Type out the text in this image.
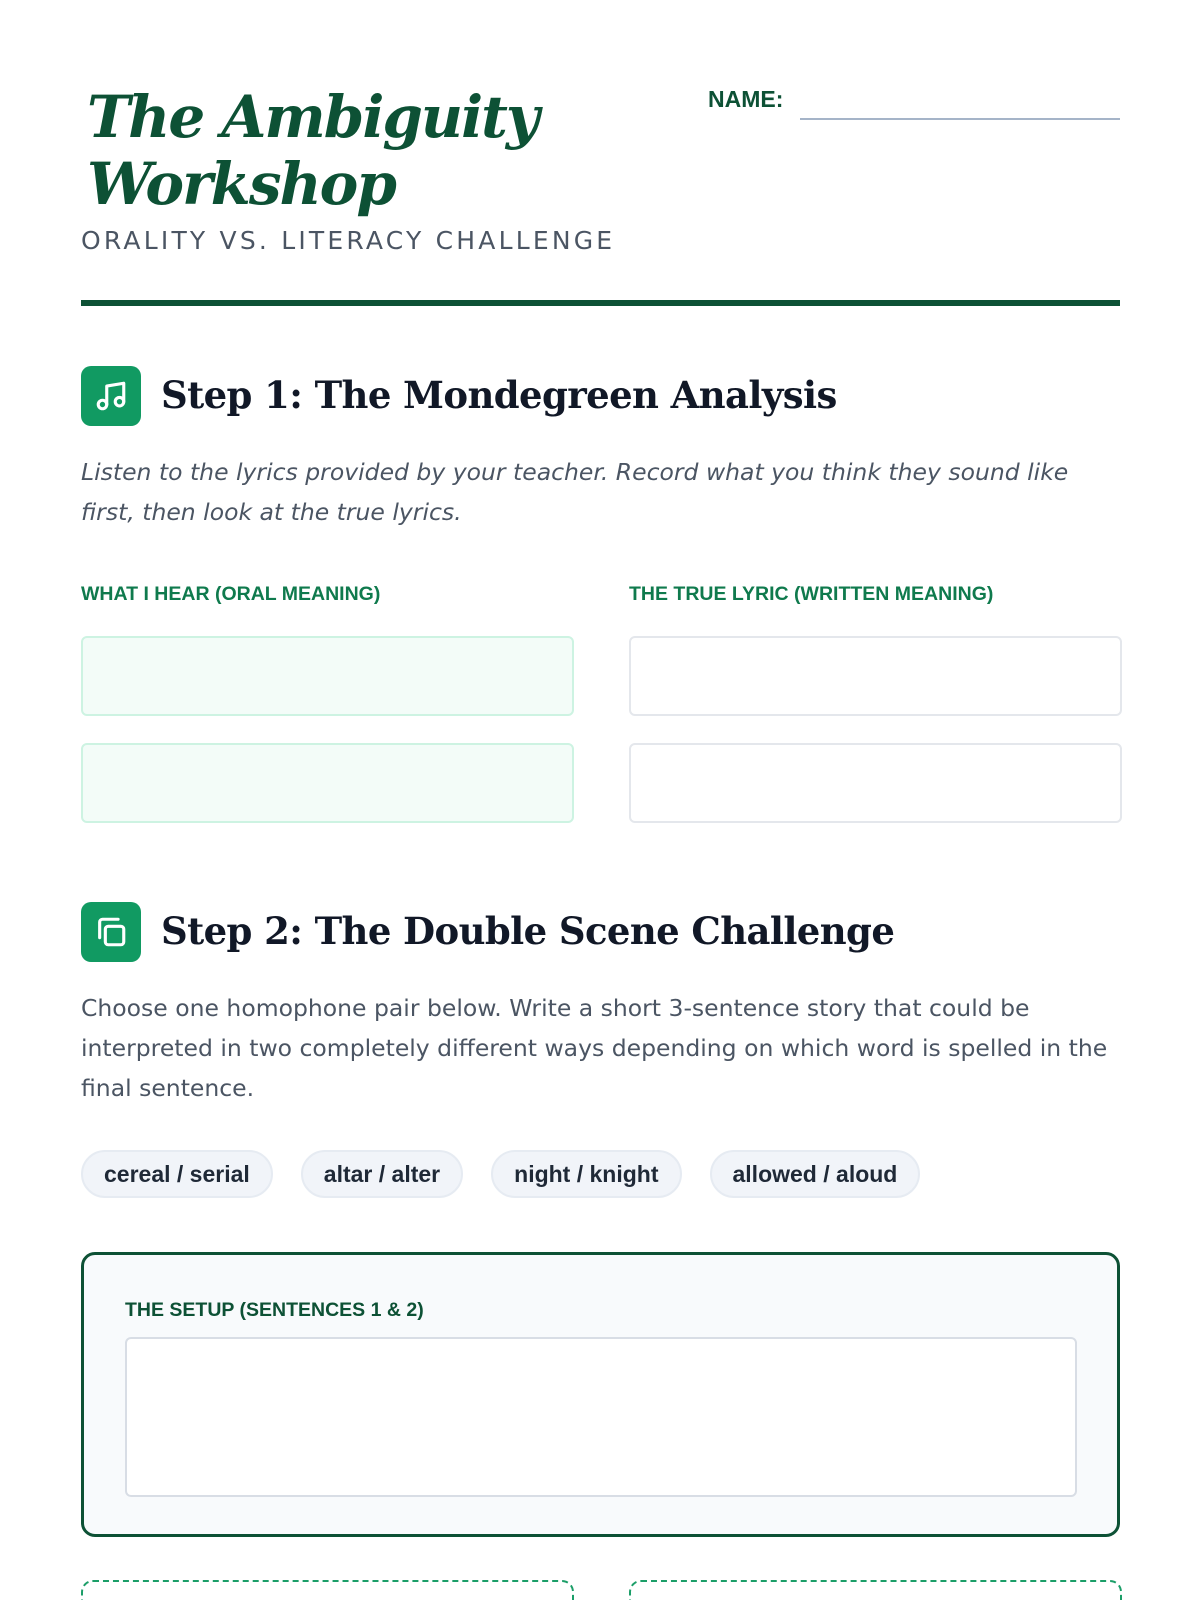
The Ambiguity
Workshop
ORALITY VS. LITERACY CHALLENGE
NAME:
Step 1: The Mondegreen Analysis
Listen to the lyrics provided by your teacher. Record what you think they sound like first, then look at the true lyrics.
WHAT I HEAR (ORAL MEANING)	THE TRUE LYRIC (WRITTEN MEANING)
Step 2: The Double Scene Challenge
Choose one homophone pair below. Write a short 3-sentence story that could be interpreted in two completely different ways depending on which word is spelled in the final sentence.
cereal / serial	altar / alter	night / knight	allowed / aloud
THE SETUP (SENTENCES 1 & 2)
